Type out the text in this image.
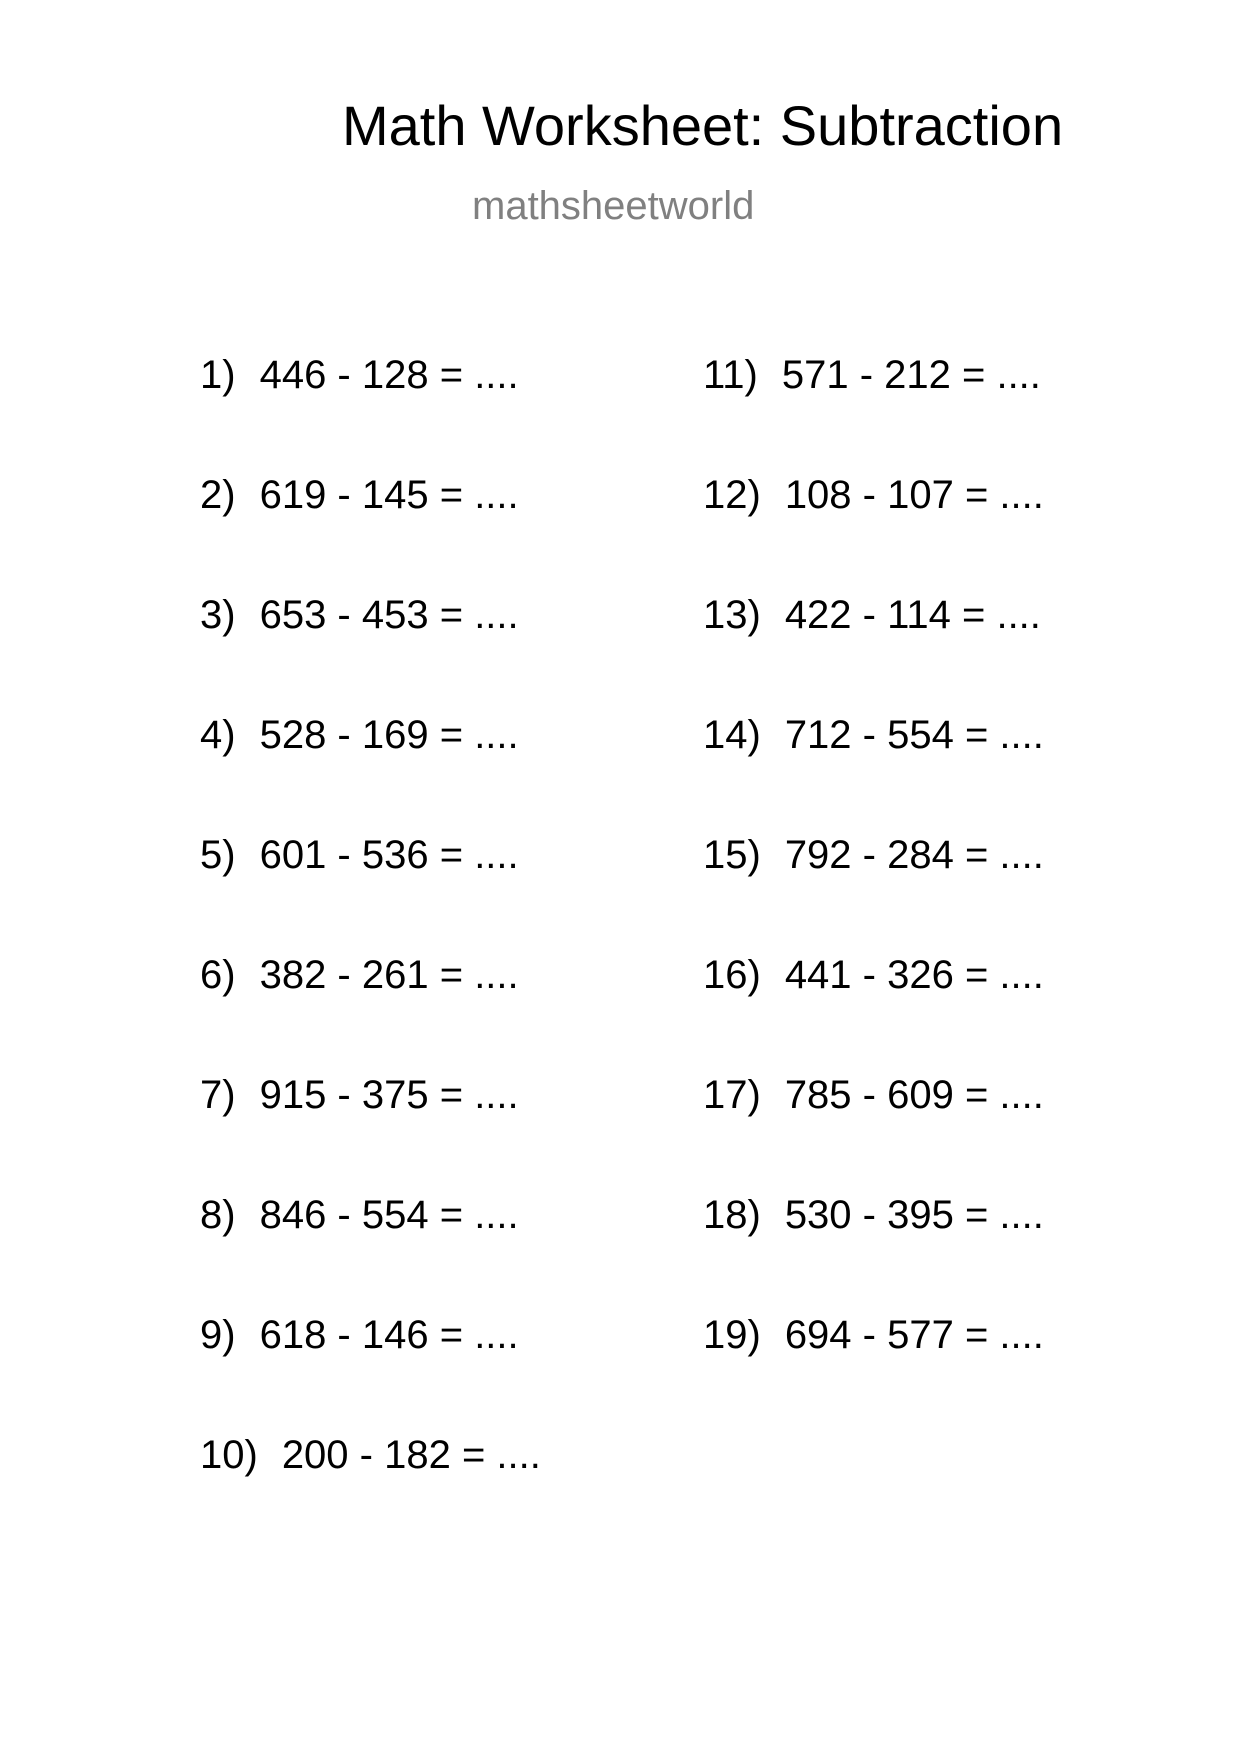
Math Worksheet: Subtraction
mathsheetworld
1) 446 - 128 = ....
2) 619 - 145 = ....
3) 653 - 453 = ....
4) 528 - 169 = ....
5) 601 - 536 = ....
6) 382 - 261 = ....
7) 915 - 375 = ....
8) 846 - 554 = ....
9) 618 - 146 = ....
10) 200 - 182 = ....
11) 571 - 212 = ....
12) 108 - 107 = ....
13) 422 - 114 = ....
14) 712 - 554 = ....
15) 792 - 284 = ....
16) 441 - 326 = ....
17) 785 - 609 = ....
18) 530 - 395 = ....
19) 694 - 577 = ....
